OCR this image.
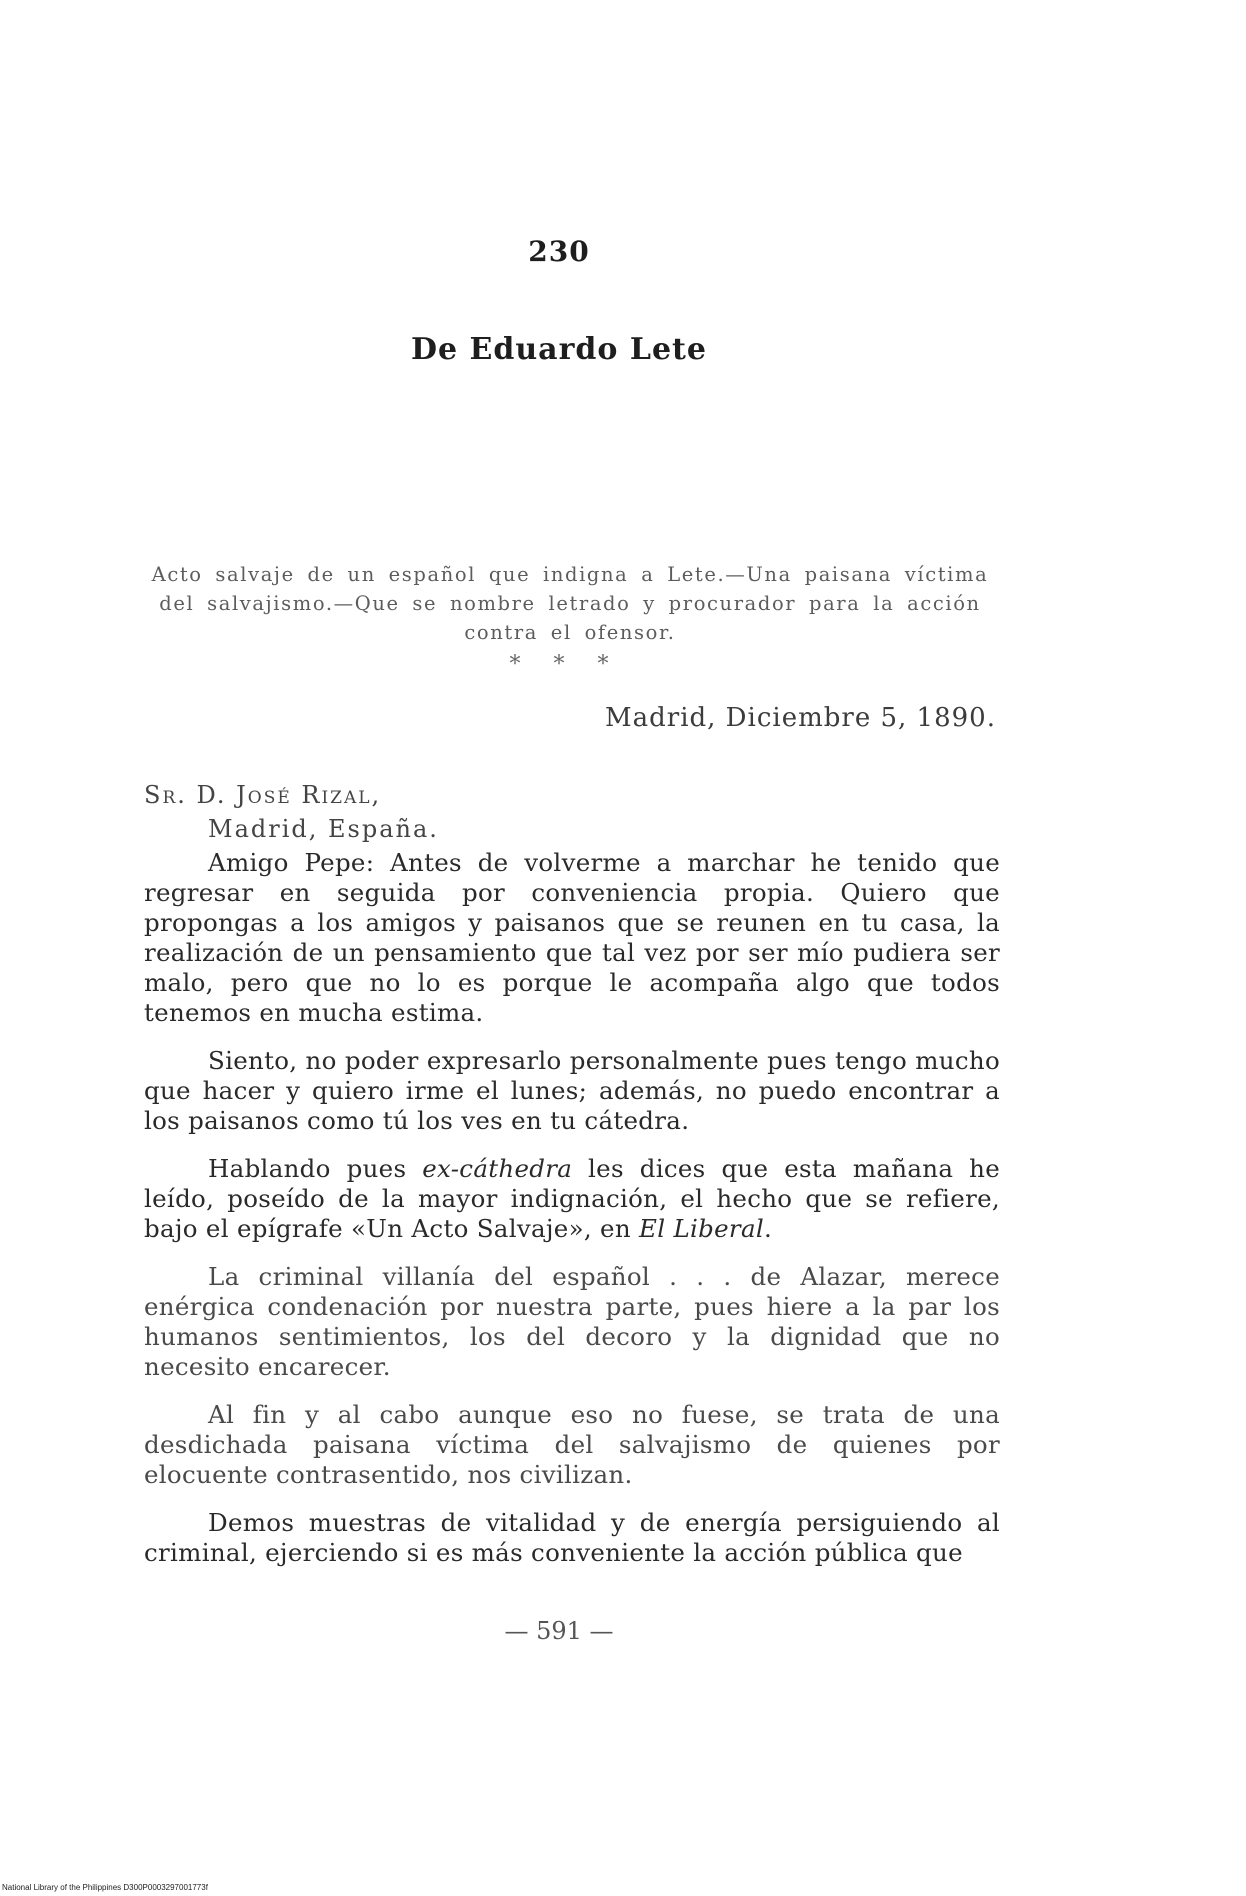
230
De Eduardo Lete
Acto salvaje de un español que indigna a Lete.—Una paisana víctima del salvajismo.—Que se nombre letrado y procurador para la acción contra el ofensor.
* * *
Madrid, Diciembre 5, 1890.
Sr. D. José Rizal,
Madrid, España.

Amigo Pepe: Antes de volverme a marchar he tenido que regresar en seguida por conveniencia propia. Quiero que propongas a los amigos y paisanos que se reunen en tu casa, la realización de un pensamiento que tal vez por ser mío pudiera ser malo, pero que no lo es porque le acompaña algo que todos tenemos en mucha estima.

Siento, no poder expresarlo personalmente pues tengo mucho que hacer y quiero irme el lunes; además, no puedo encontrar a los paisanos como tú los ves en tu cátedra.

Hablando pues ex-cáthedra les dices que esta mañana he leído, poseído de la mayor indignación, el hecho que se refiere, bajo el epígrafe «Un Acto Salvaje», en El Liberal.

La criminal villanía del español . . . de Alazar, merece enérgica condenación por nuestra parte, pues hiere a la par los humanos sentimientos, los del decoro y la dignidad que no necesito encarecer.

Al fin y al cabo aunque eso no fuese, se trata de una desdichada paisana víctima del salvajismo de quienes por elocuente contrasentido, nos civilizan.

Demos muestras de vitalidad y de energía persiguiendo al criminal, ejerciendo si es más conveniente la acción pública que

— 591 —
National Library of the Philippines D300P0003297001773f
